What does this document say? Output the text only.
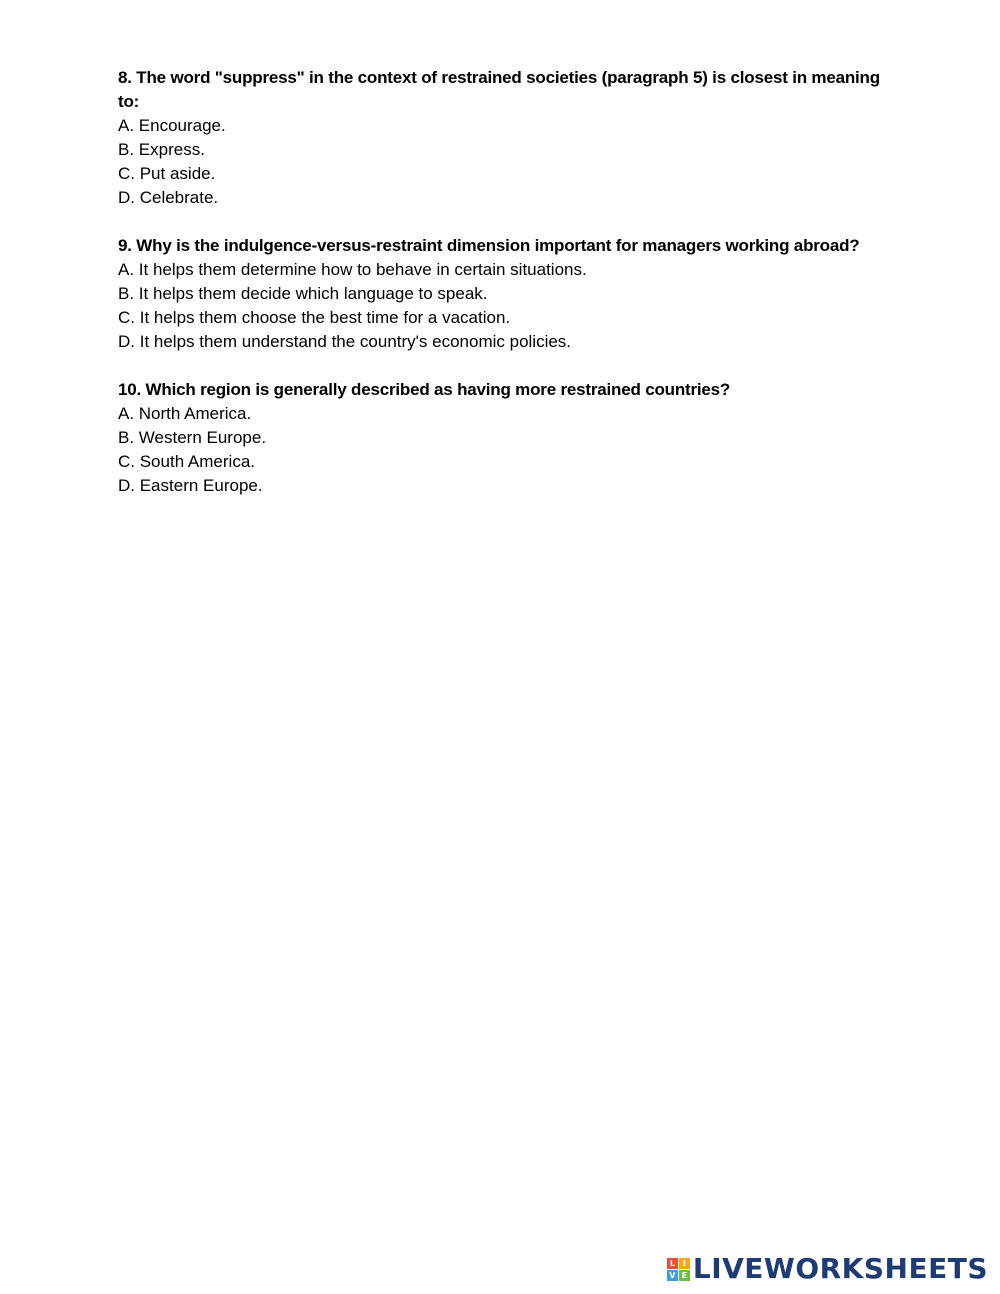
8. The word "suppress" in the context of restrained societies (paragraph 5) is closest in meaning to:

A. Encourage.

B. Express.

C. Put aside.

D. Celebrate.

9. Why is the indulgence-versus-restraint dimension important for managers working abroad?

A. It helps them determine how to behave in certain situations.

B. It helps them decide which language to speak.

C. It helps them choose the best time for a vacation.

D. It helps them understand the country's economic policies.

10. Which region is generally described as having more restrained countries?

A. North America.

B. Western Europe.

C. South America.

D. Eastern Europe.

L I
V E LIVEWORKSHEETS
